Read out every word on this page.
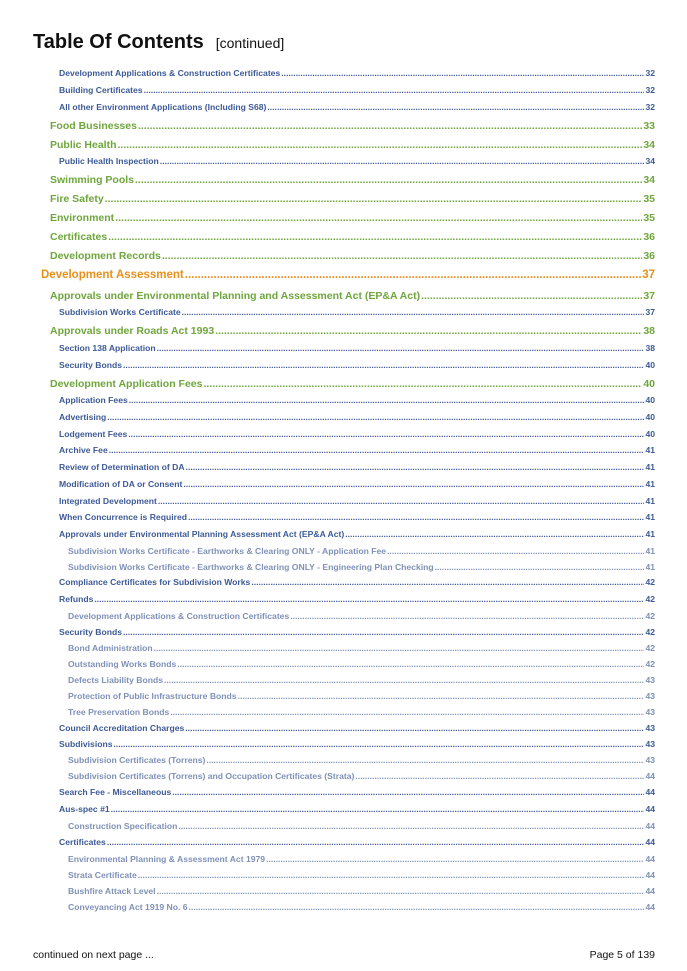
Table Of Contents [continued]
Development Applications & Construction Certificates .....	32
Building Certificates .....	32
All other Environment Applications (Including S68) .....	32
Food Businesses .....	33
Public Health .....	34
Public Health Inspection .....	34
Swimming Pools .....	34
Fire Safety .....	35
Environment .....	35
Certificates .....	36
Development Records .....	36
Development Assessment .....	37
Approvals under Environmental Planning and Assessment Act (EP&A Act) .....	37
Subdivision Works Certificate .....	37
Approvals under Roads Act 1993 .....	38
Section 138 Application .....	38
Security Bonds .....	40
Development Application Fees .....	40
Application Fees .....	40
Advertising .....	40
Lodgement Fees .....	40
Archive Fee .....	41
Review of Determination of DA .....	41
Modification of DA or Consent .....	41
Integrated Development .....	41
When Concurrence is Required .....	41
Approvals under Environmental Planning Assessment Act (EP&A Act) .....	41
Subdivision Works Certificate - Earthworks & Clearing ONLY - Application Fee .....	41
Subdivision Works Certificate - Earthworks & Clearing ONLY - Engineering Plan Checking .....	41
Compliance Certificates for Subdivision Works .....	42
Refunds .....	42
Development Applications & Construction Certificates .....	42
Security Bonds .....	42
Bond Administration .....	42
Outstanding Works Bonds .....	42
Defects Liability Bonds .....	43
Protection of Public Infrastructure Bonds .....	43
Tree Preservation Bonds .....	43
Council Accreditation Charges .....	43
Subdivisions .....	43
Subdivision Certificates (Torrens) .....	43
Subdivision Certificates (Torrens) and Occupation Certificates (Strata) .....	44
Search Fee - Miscellaneous .....	44
Aus-spec #1 .....	44
Construction Specification .....	44
Certificates .....	44
Environmental Planning & Assessment Act 1979 .....	44
Strata Certificate .....	44
Bushfire Attack Level .....	44
Conveyancing Act 1919 No. 6 .....	44
continued on next page ...	Page 5 of 139
